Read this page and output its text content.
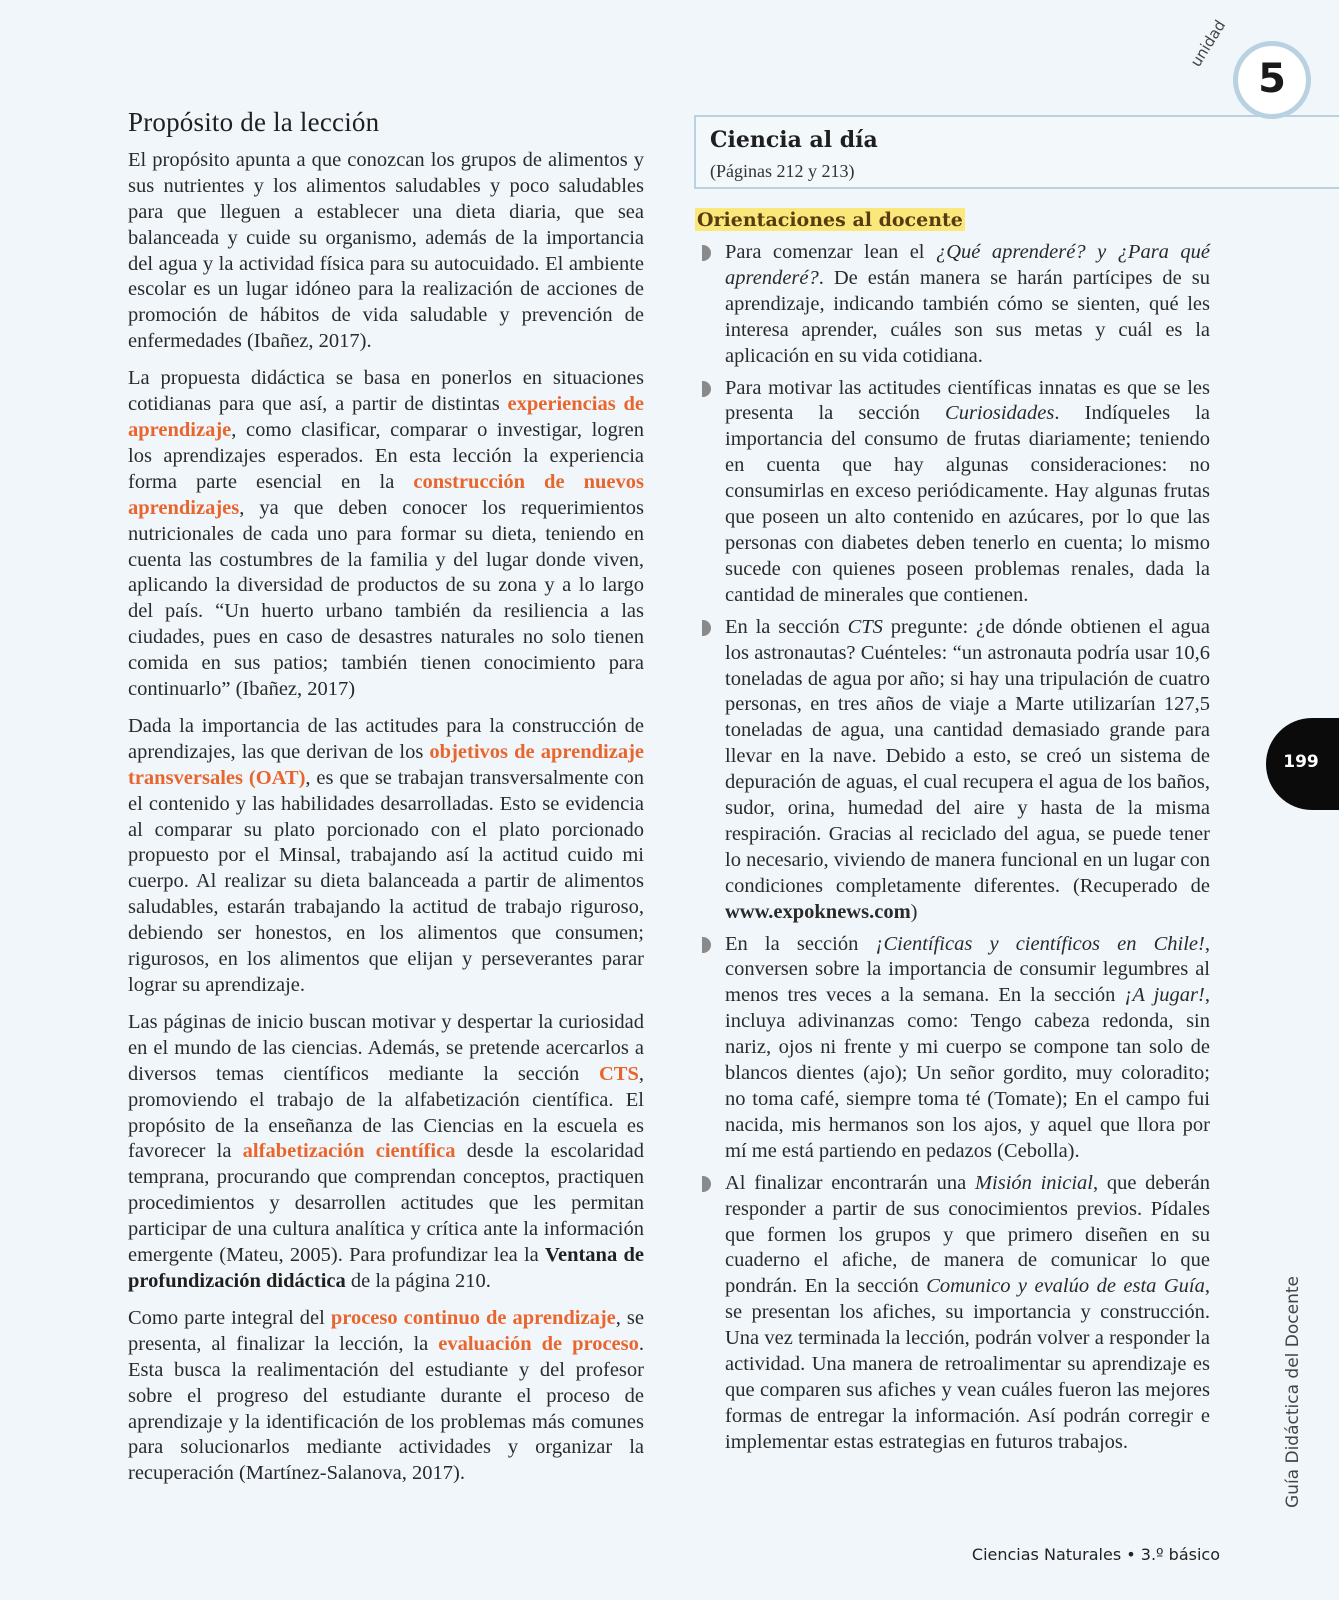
Propósito de la lección

El propósito apunta a que conozcan los grupos de alimentos y sus nutrientes y los alimentos saludables y poco saludables para que lleguen a establecer una dieta diaria, que sea balanceada y cuide su organismo, además de la importancia del agua y la actividad física para su autocuidado. El ambiente escolar es un lugar idóneo para la realización de acciones de promoción de hábitos de vida saludable y prevención de enfermedades (Ibañez, 2017).

La propuesta didáctica se basa en ponerlos en situaciones cotidianas para que así, a partir de distintas experiencias de aprendizaje, como clasificar, comparar o investigar, logren los aprendizajes esperados. En esta lección la experiencia forma parte esencial en la construcción de nuevos aprendizajes, ya que deben conocer los requerimientos nutricionales de cada uno para formar su dieta, teniendo en cuenta las costumbres de la familia y del lugar donde viven, aplicando la diversidad de productos de su zona y a lo largo del país. “Un huerto urbano también da resiliencia a las ciudades, pues en caso de desastres naturales no solo tienen comida en sus patios; también tienen conocimiento para continuarlo” (Ibañez, 2017)

Dada la importancia de las actitudes para la construcción de aprendizajes, las que derivan de los objetivos de aprendizaje transversales (OAT), es que se trabajan transversalmente con el contenido y las habilidades desarrolladas. Esto se evidencia al comparar su plato porcionado con el plato porcionado propuesto por el Minsal, trabajando así la actitud cuido mi cuerpo. Al realizar su dieta balanceada a partir de alimentos saludables, estarán trabajando la actitud de trabajo riguroso, debiendo ser honestos, en los alimentos que consumen; rigurosos, en los alimentos que elijan y perseverantes parar lograr su aprendizaje.

Las páginas de inicio buscan motivar y despertar la curiosidad en el mundo de las ciencias. Además, se pretende acercarlos a diversos temas científicos mediante la sección CTS, promoviendo el trabajo de la alfabetización científica. El propósito de la enseñanza de las Ciencias en la escuela es favorecer la alfabetización científica desde la escolaridad temprana, procurando que comprendan conceptos, practiquen procedimientos y desarrollen actitudes que les permitan participar de una cultura analítica y crítica ante la información emergente (Mateu, 2005). Para profundizar lea la Ventana de profundización didáctica de la página 210.

Como parte integral del proceso continuo de aprendizaje, se presenta, al finalizar la lección, la evaluación de proceso. Esta busca la realimentación del estudiante y del profesor sobre el progreso del estudiante durante el proceso de aprendizaje y la identificación de los problemas más comunes para solucionarlos mediante actividades y organizar la recuperación (Martínez-Salanova, 2017).

Ciencia al día
(Páginas 212 y 213)
Orientaciones al docente
Para comenzar lean el ¿Qué aprenderé? y ¿Para qué aprenderé?. De están manera se harán partícipes de su aprendizaje, indicando también cómo se sienten, qué les interesa aprender, cuáles son sus metas y cuál es la aplicación en su vida cotidiana.
Para motivar las actitudes científicas innatas es que se les presenta la sección Curiosidades. Indíqueles la importancia del consumo de frutas diariamente; teniendo en cuenta que hay algunas consideraciones: no consumirlas en exceso periódicamente. Hay algunas frutas que poseen un alto contenido en azúcares, por lo que las personas con diabetes deben tenerlo en cuenta; lo mismo sucede con quienes poseen problemas renales, dada la cantidad de minerales que contienen.
En la sección CTS pregunte: ¿de dónde obtienen el agua los astronautas? Cuénteles: “un astronauta podría usar 10,6 toneladas de agua por año; si hay una tripulación de cuatro personas, en tres años de viaje a Marte utilizarían 127,5 toneladas de agua, una cantidad demasiado grande para llevar en la nave. Debido a esto, se creó un sistema de depuración de aguas, el cual recupera el agua de los baños, sudor, orina, humedad del aire y hasta de la misma respiración. Gracias al reciclado del agua, se puede tener lo necesario, viviendo de manera funcional en un lugar con condiciones completamente diferentes. (Recuperado de www.expoknews.com)
En la sección ¡Científicas y científicos en Chile!, conversen sobre la importancia de consumir legumbres al menos tres veces a la semana. En la sección ¡A jugar!, incluya adivinanzas como: Tengo cabeza redonda, sin nariz, ojos ni frente y mi cuerpo se compone tan solo de blancos dientes (ajo); Un señor gordito, muy coloradito; no toma café, siempre toma té (Tomate); En el campo fui nacida, mis hermanos son los ajos, y aquel que llora por mí me está partiendo en pedazos (Cebolla).
Al finalizar encontrarán una Misión inicial, que deberán responder a partir de sus conocimientos previos. Pídales que formen los grupos y que primero diseñen en su cuaderno el afiche, de manera de comunicar lo que pondrán. En la sección Comunico y evalúo de esta Guía, se presentan los afiches, su importancia y construcción. Una vez terminada la lección, podrán volver a responder la actividad. Una manera de retroalimentar su aprendizaje es que comparen sus afiches y vean cuáles fueron las mejores formas de entregar la información. Así podrán corregir e implementar estas estrategias en futuros trabajos.
unidad
5
199
Guía Didáctica del Docente
Ciencias Naturales • 3.º básico
